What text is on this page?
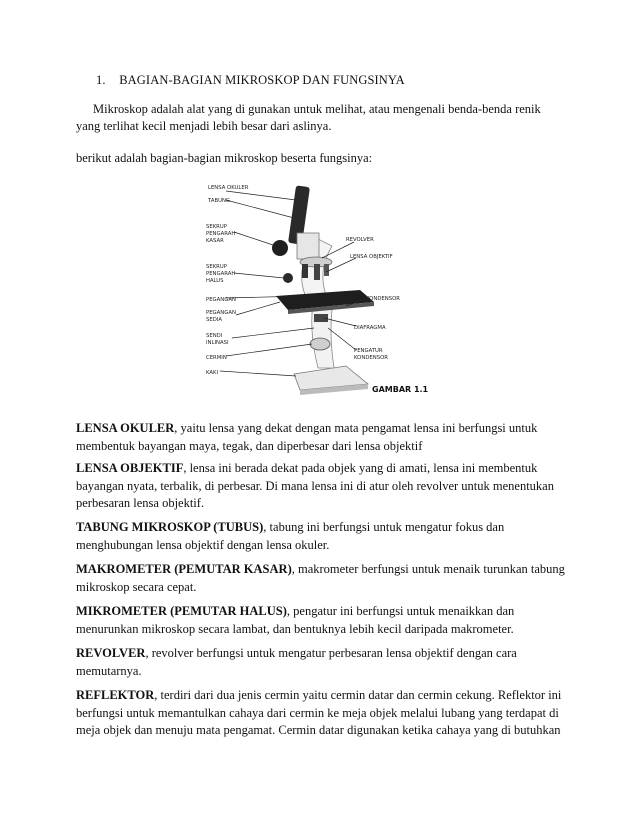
1. BAGIAN-BAGIAN MIKROSKOP DAN FUNGSINYA
Mikroskop adalah alat yang di gunakan untuk melihat, atau mengenali benda-benda renik yang terlihat kecil menjadi lebih besar dari aslinya.
berikut adalah bagian-bagian mikroskop beserta fungsinya:
LENSA OKULER
TABUNG
SEKRUP
PENGARAH
KASAR
SEKRUP
PENGARAH
HALUS
PEGANGAN
PEGANGAN
SEDIA
SENDI
INLINASI
CERMIN
KAKI
REVOLVER
LENSA OBJEKTIF
KONDENSOR
DIAFRAGMA
PENGATUR
KONDENSOR
GAMBAR 1.1
LENSA OKULER, yaitu lensa yang dekat dengan mata pengamat lensa ini berfungsi untuk membentuk bayangan maya, tegak, dan diperbesar dari lensa objektif
LENSA OBJEKTIF, lensa ini berada dekat pada objek yang di amati, lensa ini membentuk bayangan nyata, terbalik, di perbesar. Di mana lensa ini di atur oleh revolver untuk menentukan perbesaran lensa objektif.
TABUNG MIKROSKOP (TUBUS), tabung ini berfungsi untuk mengatur fokus dan menghubungan lensa objektif dengan lensa okuler.
MAKROMETER (PEMUTAR KASAR), makrometer berfungsi untuk menaik turunkan tabung mikroskop secara cepat.
MIKROMETER (PEMUTAR HALUS), pengatur ini berfungsi untuk menaikkan dan menurunkan mikroskop secara lambat, dan bentuknya lebih kecil daripada makrometer.
REVOLVER, revolver berfungsi untuk mengatur perbesaran lensa objektif dengan cara memutarnya.
REFLEKTOR, terdiri dari dua jenis cermin yaitu cermin datar dan cermin cekung. Reflektor ini berfungsi untuk memantulkan cahaya dari cermin ke meja objek melalui lubang yang terdapat di meja objek dan menuju mata pengamat. Cermin datar digunakan ketika cahaya yang di butuhkan
